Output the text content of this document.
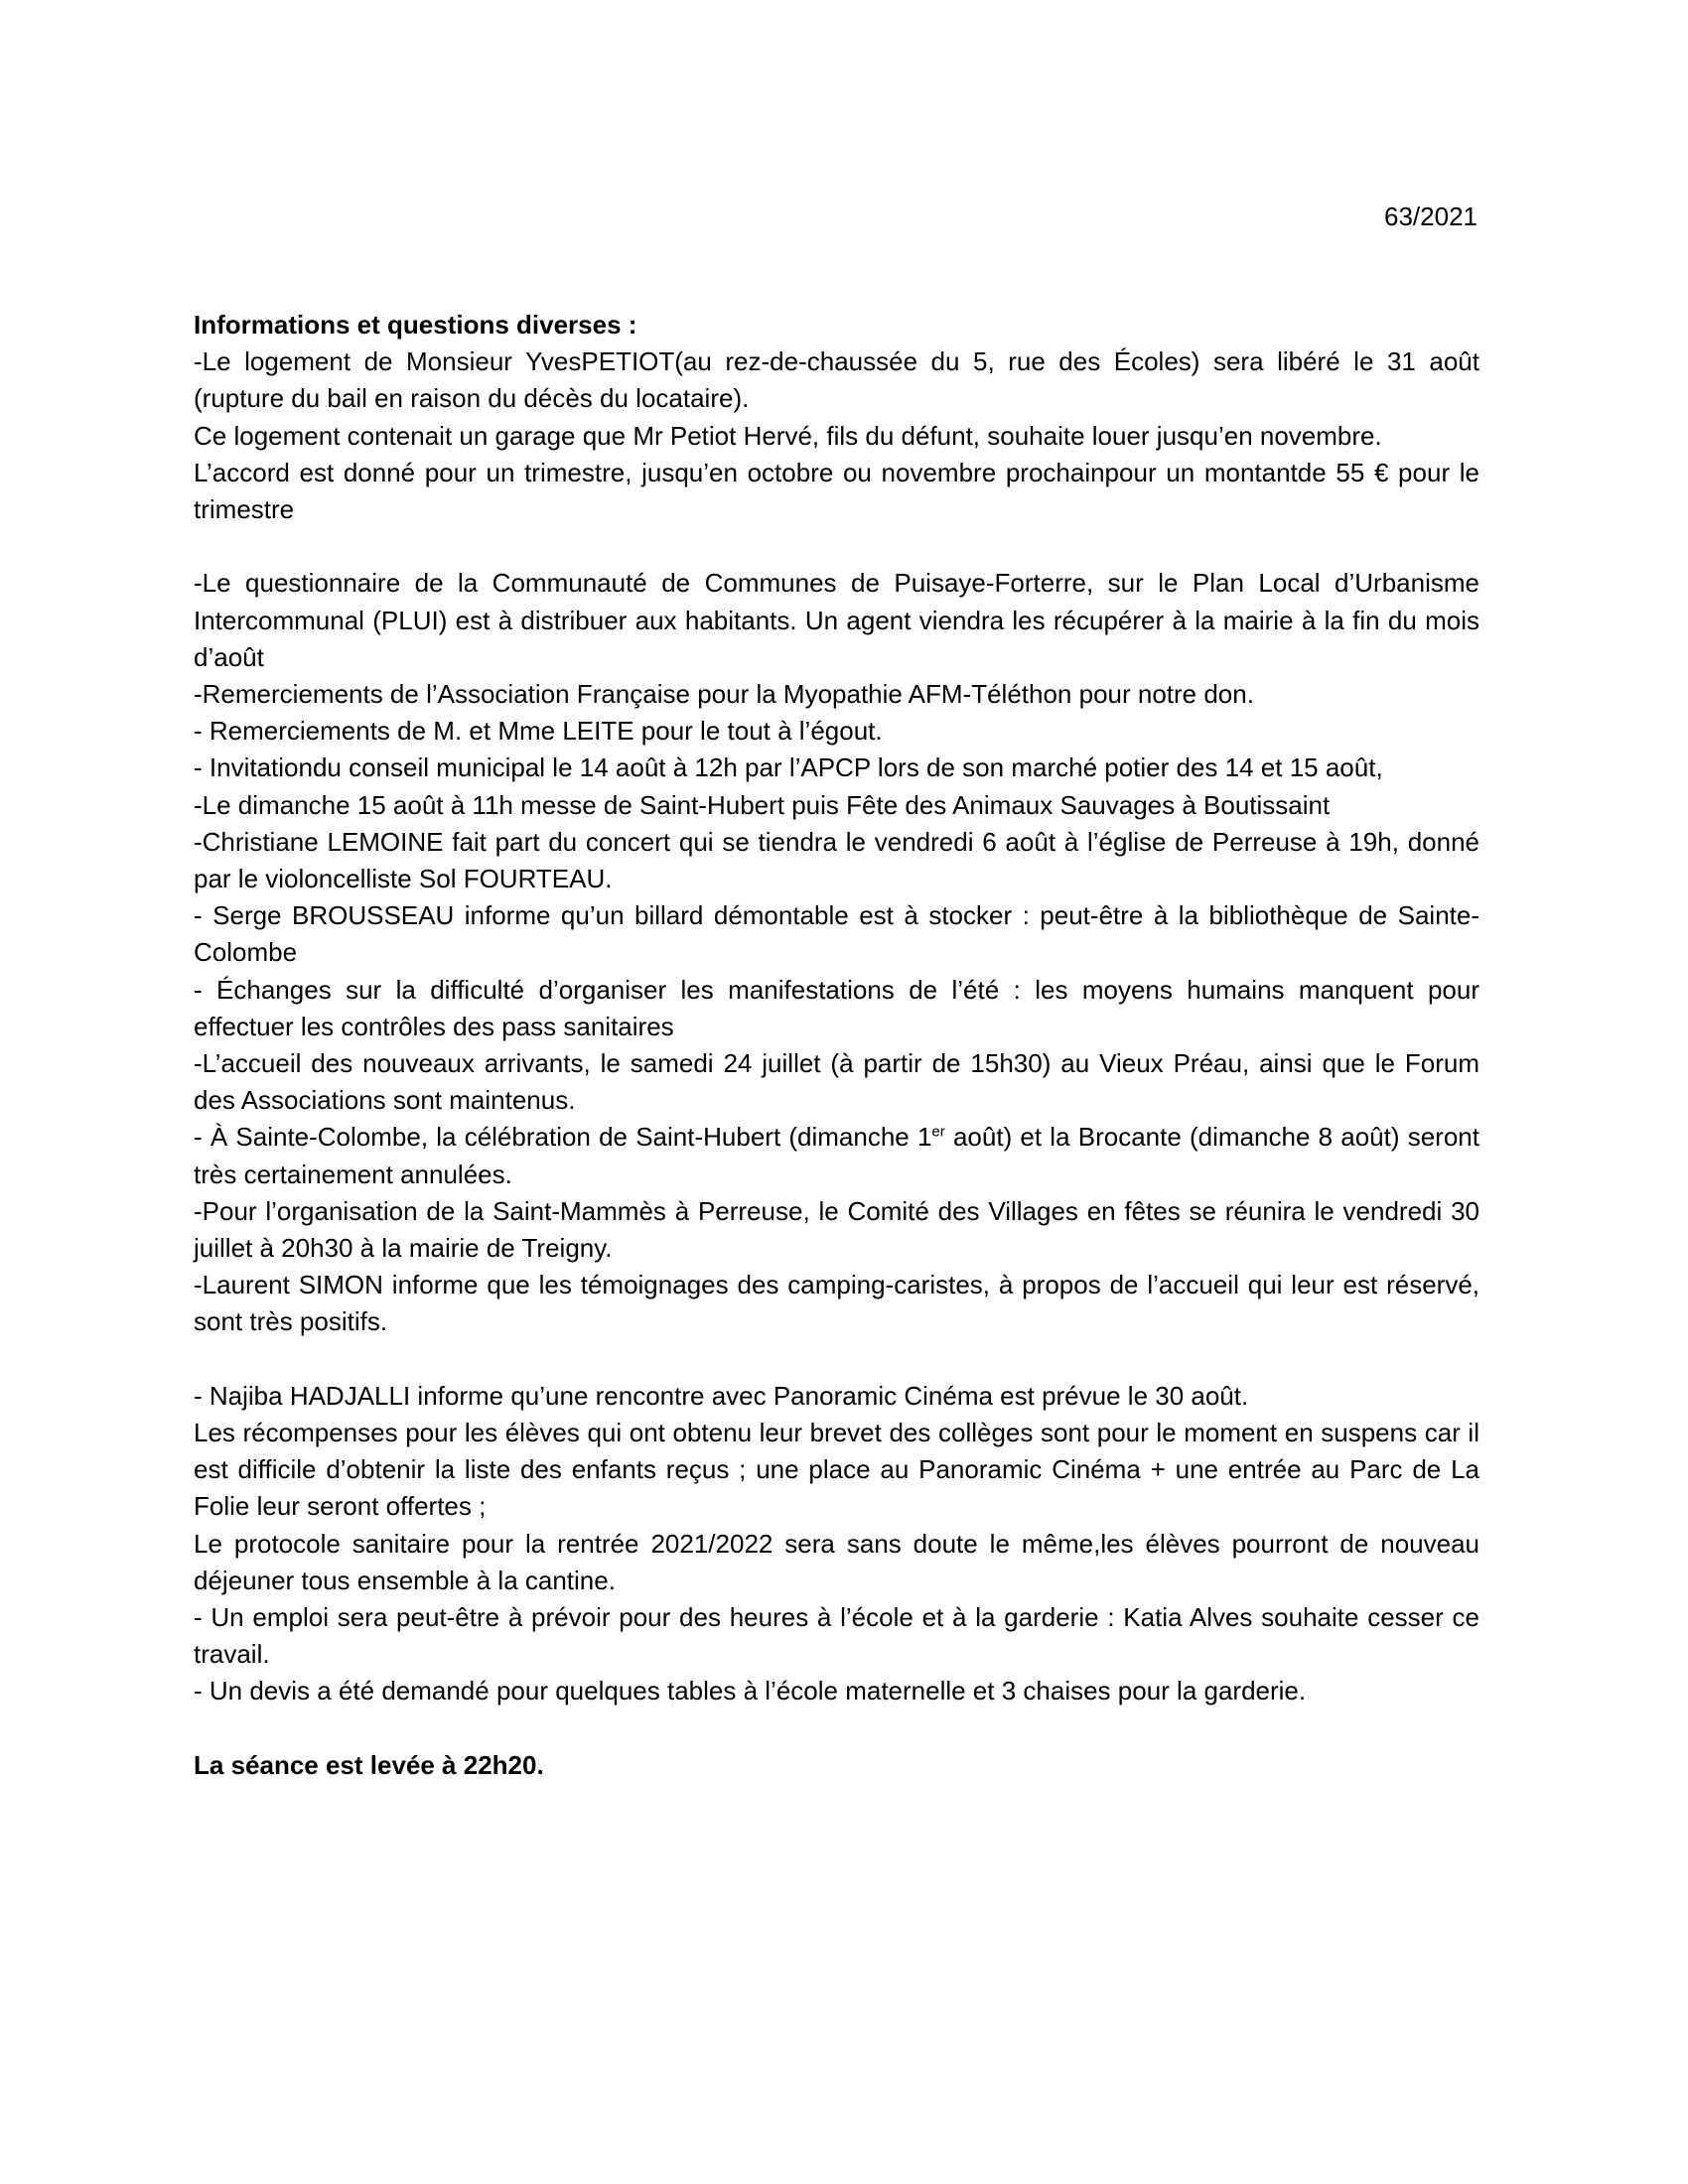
63/2021
Informations et questions diverses :

-Le logement de Monsieur YvesPETIOT(au rez-de-chaussée du 5, rue des Écoles) sera libéré le 31 août (rupture du bail en raison du décès du locataire).

Ce logement contenait un garage que Mr Petiot Hervé, fils du défunt, souhaite louer jusqu’en novembre.

L’accord est donné pour un trimestre, jusqu’en octobre ou novembre prochainpour un montantde 55 € pour le trimestre

-Le questionnaire de la Communauté de Communes de Puisaye-Forterre, sur le Plan Local d’Urbanisme Intercommunal (PLUI) est à distribuer aux habitants. Un agent viendra les récupérer à la mairie à la fin du mois d’août

-Remerciements de l’Association Française pour la Myopathie AFM-Téléthon pour notre don.

- Remerciements de M. et Mme LEITE pour le tout à l’égout.

- Invitationdu conseil municipal le 14 août à 12h par l’APCP lors de son marché potier des 14 et 15 août,

-Le dimanche 15 août à 11h messe de Saint-Hubert puis Fête des Animaux Sauvages à Boutissaint

-Christiane LEMOINE fait part du concert qui se tiendra le vendredi 6 août à l’église de Perreuse à 19h, donné par le violoncelliste Sol FOURTEAU.

- Serge BROUSSEAU informe qu’un billard démontable est à stocker : peut-être à la bibliothèque de Sainte-Colombe

- Échanges sur la difficulté d’organiser les manifestations de l’été : les moyens humains manquent pour effectuer les contrôles des pass sanitaires

-L’accueil des nouveaux arrivants, le samedi 24 juillet (à partir de 15h30) au Vieux Préau, ainsi que le Forum des Associations sont maintenus.

- À Sainte-Colombe, la célébration de Saint-Hubert (dimanche 1er août) et la Brocante (dimanche 8 août) seront très certainement annulées.

-Pour l’organisation de la Saint-Mammès à Perreuse, le Comité des Villages en fêtes se réunira le vendredi 30 juillet à 20h30 à la mairie de Treigny.

-Laurent SIMON informe que les témoignages des camping-caristes, à propos de l’accueil qui leur est réservé, sont très positifs.

- Najiba HADJALLI informe qu’une rencontre avec Panoramic Cinéma est prévue le 30 août.

Les récompenses pour les élèves qui ont obtenu leur brevet des collèges sont pour le moment en suspens car il est difficile d’obtenir la liste des enfants reçus ; une place au Panoramic Cinéma + une entrée au Parc de La Folie leur seront offertes ;

Le protocole sanitaire pour la rentrée 2021/2022 sera sans doute le même,les élèves pourront de nouveau déjeuner tous ensemble à la cantine.

- Un emploi sera peut-être à prévoir pour des heures à l’école et à la garderie : Katia Alves souhaite cesser ce travail.

- Un devis a été demandé pour quelques tables à l’école maternelle et 3 chaises pour la garderie.

La séance est levée à 22h20.
